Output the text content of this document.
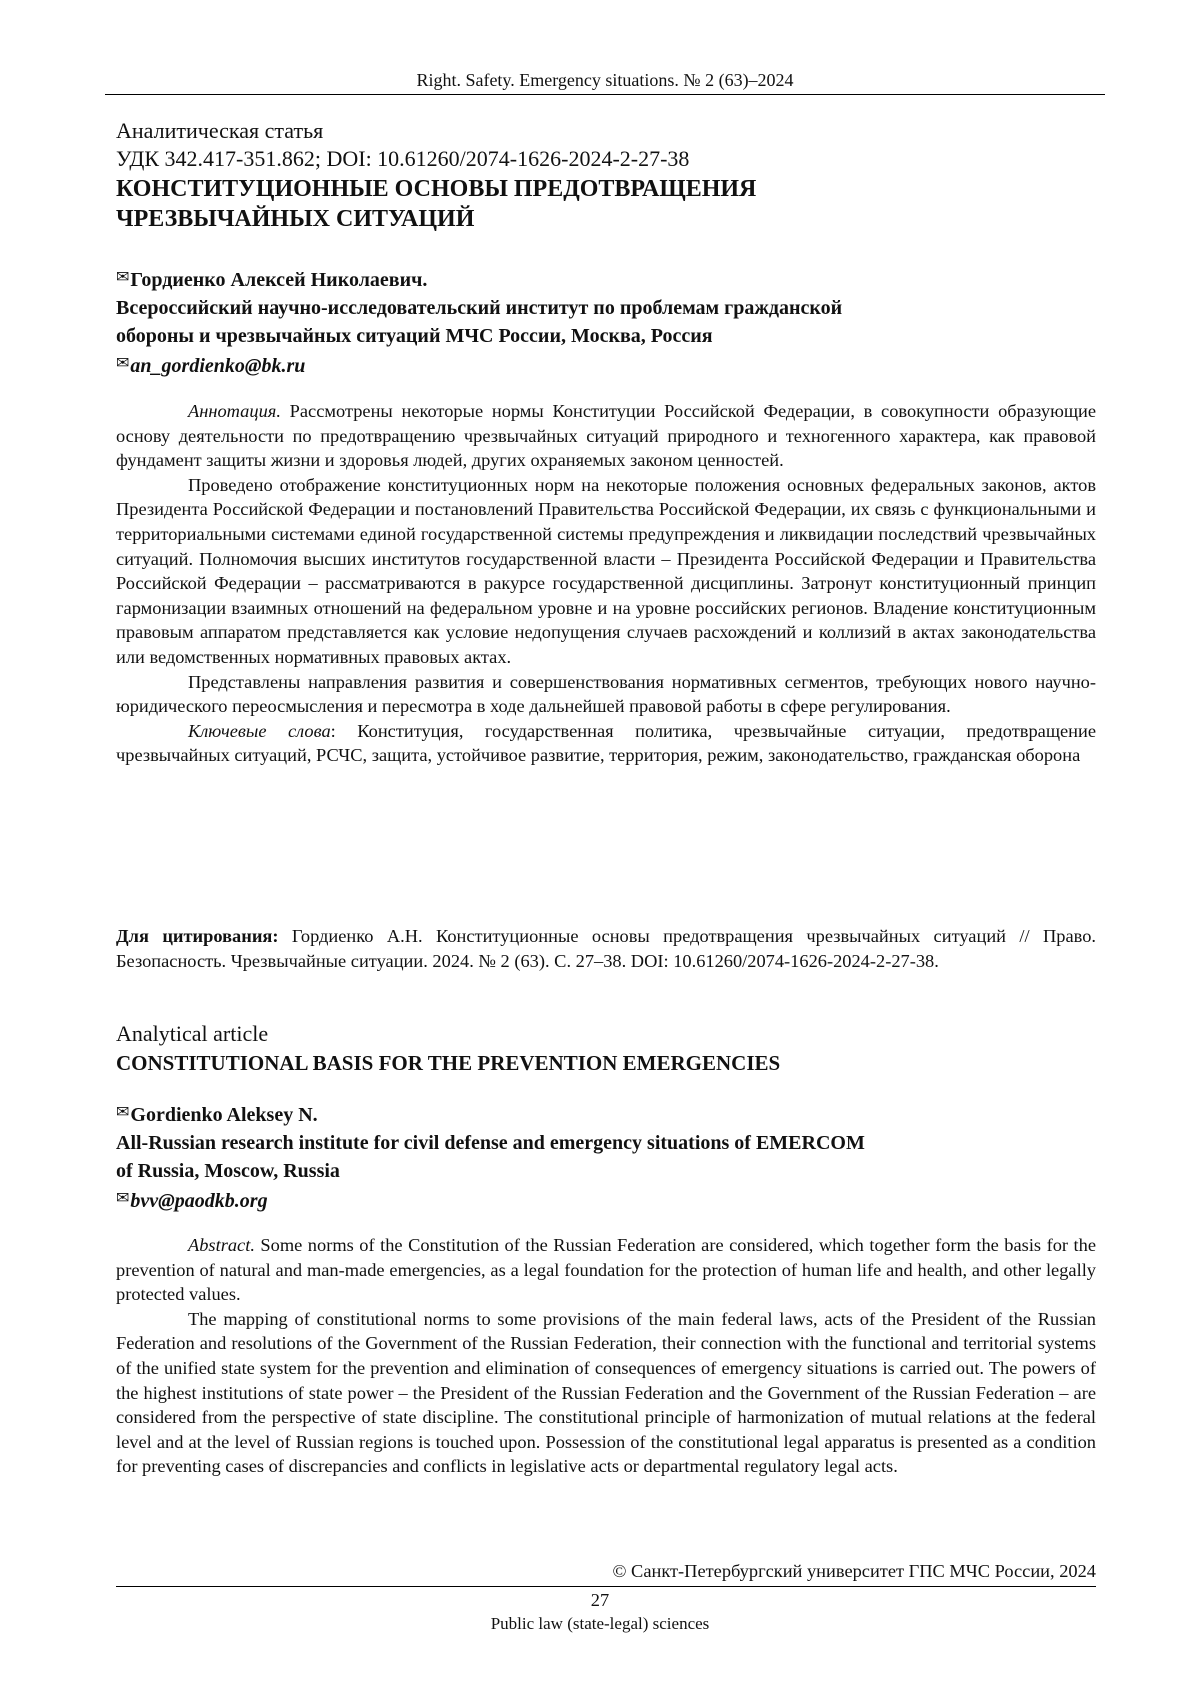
Right. Safety. Emergency situations. № 2 (63)–2024
Аналитическая статья
УДК 342.417-351.862; DOI: 10.61260/2074-1626-2024-2-27-38
КОНСТИТУЦИОННЫЕ ОСНОВЫ ПРЕДОТВРАЩЕНИЯ
ЧРЕЗВЫЧАЙНЫХ СИТУАЦИЙ
✉Гордиенко Алексей Николаевич.
Всероссийский научно-исследовательский институт по проблемам гражданской
обороны и чрезвычайных ситуаций МЧС России, Москва, Россия
✉an_gordienko@bk.ru

Аннотация. Рассмотрены некоторые нормы Конституции Российской Федерации, в совокупности образующие основу деятельности по предотвращению чрезвычайных ситуаций природного и техногенного характера, как правовой фундамент защиты жизни и здоровья людей, других охраняемых законом ценностей.

Проведено отображение конституционных норм на некоторые положения основных федеральных законов, актов Президента Российской Федерации и постановлений Правительства Российской Федерации, их связь с функциональными и территориальными системами единой государственной системы предупреждения и ликвидации последствий чрезвычайных ситуаций. Полномочия высших институтов государственной власти – Президента Российской Федерации и Правительства Российской Федерации – рассматриваются в ракурсе государственной дисциплины. Затронут конституционный принцип гармонизации взаимных отношений на федеральном уровне и на уровне российских регионов. Владение конституционным правовым аппаратом представляется как условие недопущения случаев расхождений и коллизий в актах законодательства или ведомственных нормативных правовых актах.

Представлены направления развития и совершенствования нормативных сегментов, требующих нового научно-юридического переосмысления и пересмотра в ходе дальнейшей правовой работы в сфере регулирования.

Ключевые слова: Конституция, государственная политика, чрезвычайные ситуации, предотвращение чрезвычайных ситуаций, РСЧС, защита, устойчивое развитие, территория, режим, законодательство, гражданская оборона

Для цитирования: Гордиенко А.Н. Конституционные основы предотвращения чрезвычайных ситуаций // Право. Безопасность. Чрезвычайные ситуации. 2024. № 2 (63). С. 27–38. DOI: 10.61260/2074-1626-2024-2-27-38.
Analytical article
CONSTITUTIONAL BASIS FOR THE PREVENTION EMERGENCIES
✉Gordienko Aleksey N.
All-Russian research institute for civil defense and emergency situations of EMERCOM
of Russia, Moscow, Russia
✉bvv@paodkb.org

Abstract. Some norms of the Constitution of the Russian Federation are considered, which together form the basis for the prevention of natural and man-made emergencies, as a legal foundation for the protection of human life and health, and other legally protected values.

The mapping of constitutional norms to some provisions of the main federal laws, acts of the President of the Russian Federation and resolutions of the Government of the Russian Federation, their connection with the functional and territorial systems of the unified state system for the prevention and elimination of consequences of emergency situations is carried out. The powers of the highest institutions of state power – the President of the Russian Federation and the Government of the Russian Federation – are considered from the perspective of state discipline. The constitutional principle of harmonization of mutual relations at the federal level and at the level of Russian regions is touched upon. Possession of the constitutional legal apparatus is presented as a condition for preventing cases of discrepancies and conflicts in legislative acts or departmental regulatory legal acts.

© Санкт-Петербургский университет ГПС МЧС России, 2024
27
Public law (state-legal) sciences
